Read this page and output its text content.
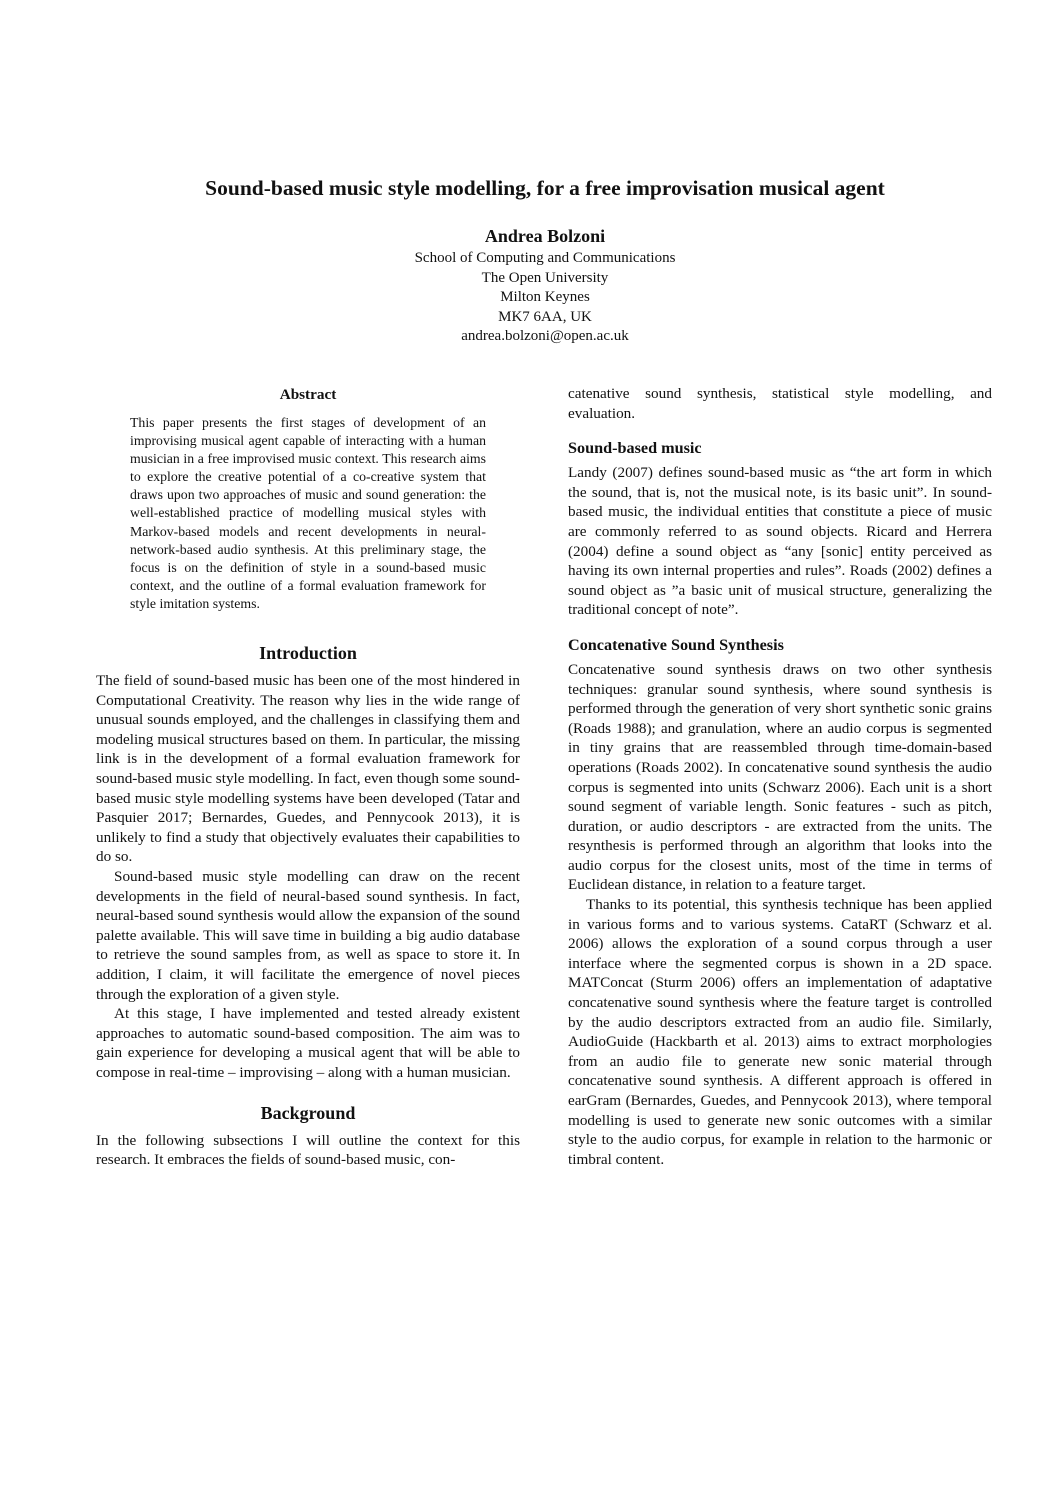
Sound-based music style modelling, for a free improvisation musical agent
Andrea Bolzoni
School of Computing and Communications
The Open University
Milton Keynes
MK7 6AA, UK
andrea.bolzoni@open.ac.uk
Abstract

This paper presents the first stages of development of an improvising musical agent capable of interacting with a human musician in a free improvised music context. This research aims to explore the creative potential of a co-creative system that draws upon two approaches of music and sound generation: the well-established practice of modelling musical styles with Markov-based models and recent developments in neural-network-based audio synthesis. At this preliminary stage, the focus is on the definition of style in a sound-based music context, and the outline of a formal evaluation framework for style imitation systems.

Introduction

The field of sound-based music has been one of the most hindered in Computational Creativity. The reason why lies in the wide range of unusual sounds employed, and the challenges in classifying them and modeling musical structures based on them. In particular, the missing link is in the development of a formal evaluation framework for sound-based music style modelling. In fact, even though some sound-based music style modelling systems have been developed (Tatar and Pasquier 2017; Bernardes, Guedes, and Pennycook 2013), it is unlikely to find a study that objectively evaluates their capabilities to do so.

Sound-based music style modelling can draw on the recent developments in the field of neural-based sound synthesis. In fact, neural-based sound synthesis would allow the expansion of the sound palette available. This will save time in building a big audio database to retrieve the sound samples from, as well as space to store it. In addition, I claim, it will facilitate the emergence of novel pieces through the exploration of a given style.

At this stage, I have implemented and tested already existent approaches to automatic sound-based composition. The aim was to gain experience for developing a musical agent that will be able to compose in real-time – improvising – along with a human musician.

Background

In the following subsections I will outline the context for this research. It embraces the fields of sound-based music, con-

catenative sound synthesis, statistical style modelling, and evaluation.

Sound-based music

Landy (2007) defines sound-based music as “the art form in which the sound, that is, not the musical note, is its basic unit”. In sound-based music, the individual entities that constitute a piece of music are commonly referred to as sound objects. Ricard and Herrera (2004) define a sound object as “any [sonic] entity perceived as having its own internal properties and rules”. Roads (2002) defines a sound object as ”a basic unit of musical structure, generalizing the traditional concept of note”.

Concatenative Sound Synthesis

Concatenative sound synthesis draws on two other synthesis techniques: granular sound synthesis, where sound synthesis is performed through the generation of very short synthetic sonic grains (Roads 1988); and granulation, where an audio corpus is segmented in tiny grains that are reassembled through time-domain-based operations (Roads 2002). In concatenative sound synthesis the audio corpus is segmented into units (Schwarz 2006). Each unit is a short sound segment of variable length. Sonic features - such as pitch, duration, or audio descriptors - are extracted from the units. The resynthesis is performed through an algorithm that looks into the audio corpus for the closest units, most of the time in terms of Euclidean distance, in relation to a feature target.

Thanks to its potential, this synthesis technique has been applied in various forms and to various systems. CataRT (Schwarz et al. 2006) allows the exploration of a sound corpus through a user interface where the segmented corpus is shown in a 2D space. MATConcat (Sturm 2006) offers an implementation of adaptative concatenative sound synthesis where the feature target is controlled by the audio descriptors extracted from an audio file. Similarly, AudioGuide (Hackbarth et al. 2013) aims to extract morphologies from an audio file to generate new sonic material through concatenative sound synthesis. A different approach is offered in earGram (Bernardes, Guedes, and Pennycook 2013), where temporal modelling is used to generate new sonic outcomes with a similar style to the audio corpus, for example in relation to the harmonic or timbral content.
